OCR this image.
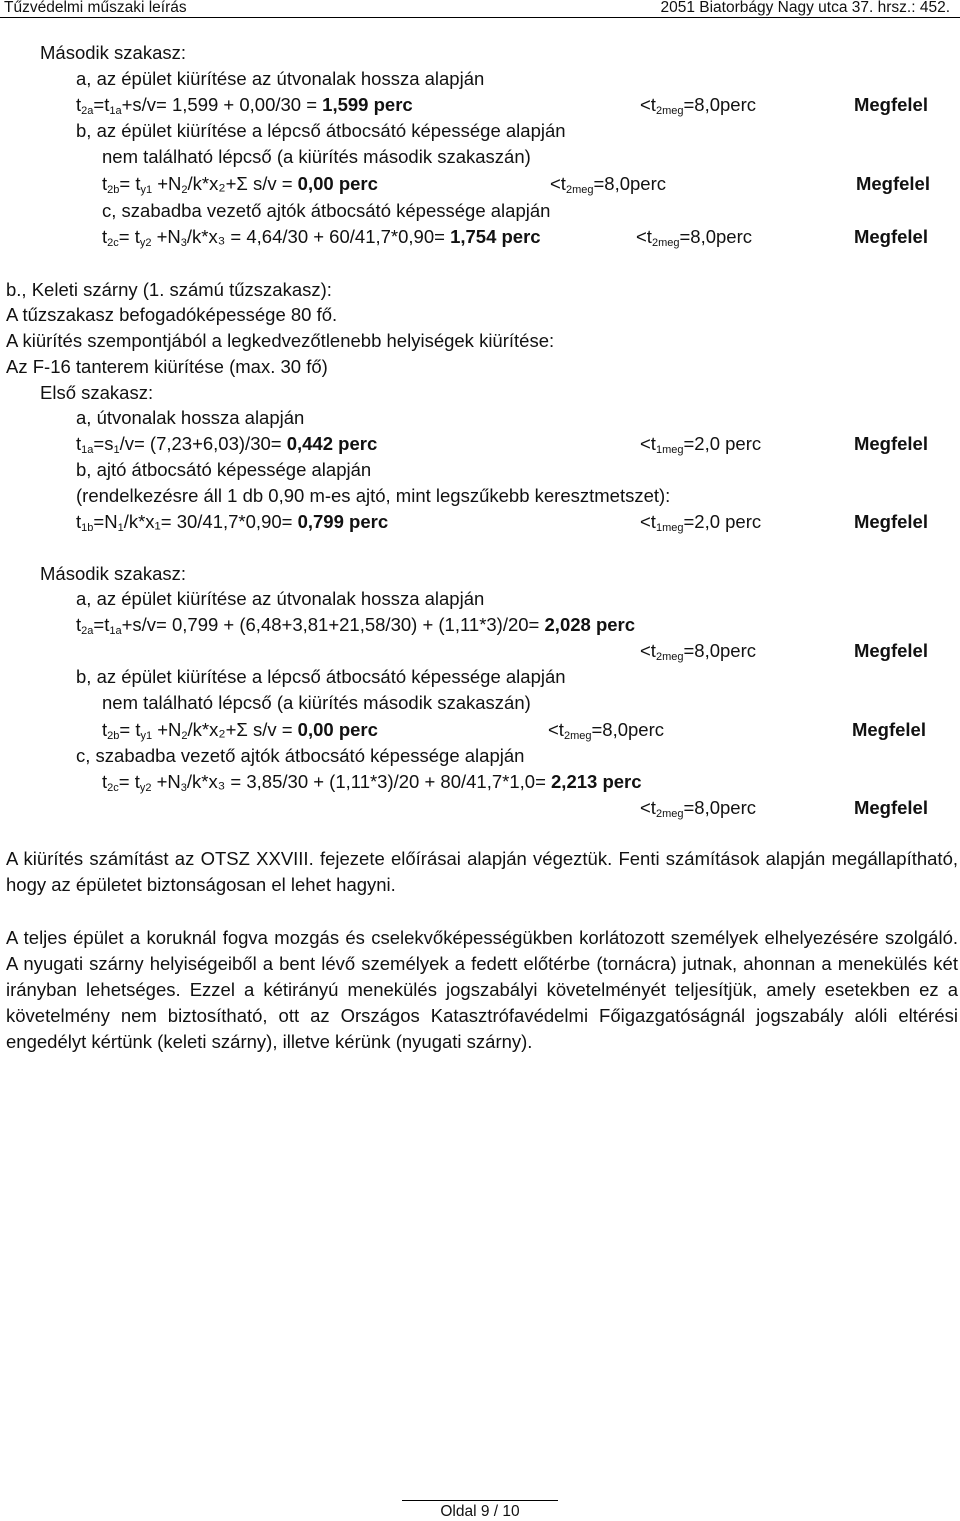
Tűzvédelmi műszaki leírás	2051 Biatorbágy Nagy utca 37. hrsz.: 452.
Második szakasz:
a, az épület kiürítése az útvonalak hossza alapján
$t_{2a}=t_{1a}+s/v= 1,599 + 0,00/30 = 1,599$ perc	$<t_{2meg}=8,0perc$	Megfelel
b, az épület kiürítése a lépcső átbocsátó képessége alapján
nem található lépcső (a kiürítés második szakaszán)
$t_{2b}= t_{y1} +N_2/k*x_2+\Sigma$ s/v = 0,00 perc	$<t_{2meg}=8,0perc$	Megfelel
c, szabadba vezető ajtók átbocsátó képessége alapján
$t_{2c}= t_{y2} +N_3/k*x_3 = 4,64/30 + 60/41,7*0,90= 1,754$ perc	$<t_{2meg}=8,0perc$	Megfelel
b., Keleti szárny (1. számú tűzszakasz):
A tűzszakasz befogadóképessége 80 fő.
A kiürítés szempontjából a legkedvezőtlenebb helyiségek kiürítése:
Az F-16 tanterem kiürítése (max. 30 fő)
Első szakasz:
a, útvonalak hossza alapján
$t_{1a}=s_1/v= (7,23+6,03)/30= 0,442$ perc	$<t_{1meg}=2,0$ perc	Megfelel
b, ajtó átbocsátó képessége alapján
(rendelkezésre áll 1 db 0,90 m-es ajtó, mint legszűkebb keresztmetszet):
$t_{1b}=N_1/k*x_1= 30/41,7*0,90= 0,799$ perc	$<t_{1meg}=2,0$ perc	Megfelel
Második szakasz:
a, az épület kiürítése az útvonalak hossza alapján
$t_{2a}=t_{1a}+s/v= 0,799 + (6,48+3,81+21,58/30) + (1,11*3)/20= 2,028$ perc
$<t_{2meg}=8,0perc$	Megfelel
b, az épület kiürítése a lépcső átbocsátó képessége alapján
nem található lépcső (a kiürítés második szakaszán)
$t_{2b}= t_{y1} +N_2/k*x_2+\Sigma$ s/v = 0,00 perc	$<t_{2meg}=8,0perc$	Megfelel
c, szabadba vezető ajtók átbocsátó képessége alapján
$t_{2c}= t_{y2} +N_3/k*x_3 = 3,85/30 + (1,11*3)/20 + 80/41,7*1,0= 2,213$ perc
$<t_{2meg}=8,0perc$	Megfelel

A kiürítés számítást az OTSZ XXVIII. fejezete előírásai alapján végeztük. Fenti számítások alapján megállapítható, hogy az épületet biztonságosan el lehet hagyni.

A teljes épület a koruknál fogva mozgás és cselekvőképességükben korlátozott személyek elhelyezésére szolgáló. A nyugati szárny helyiségeiből a bent lévő személyek a fedett előtérbe (tornácra) jutnak, ahonnan a menekülés két irányban lehetséges. Ezzel a kétirányú menekülés jogszabályi követelményét teljesítjük, amely esetekben ez a követelmény nem biztosítható, ott az Országos Katasztrófavédelmi Főigazgatóságnál jogszabály alóli eltérési engedélyt kértünk (keleti szárny), illetve kérünk (nyugati szárny).

Oldal 9 / 10
